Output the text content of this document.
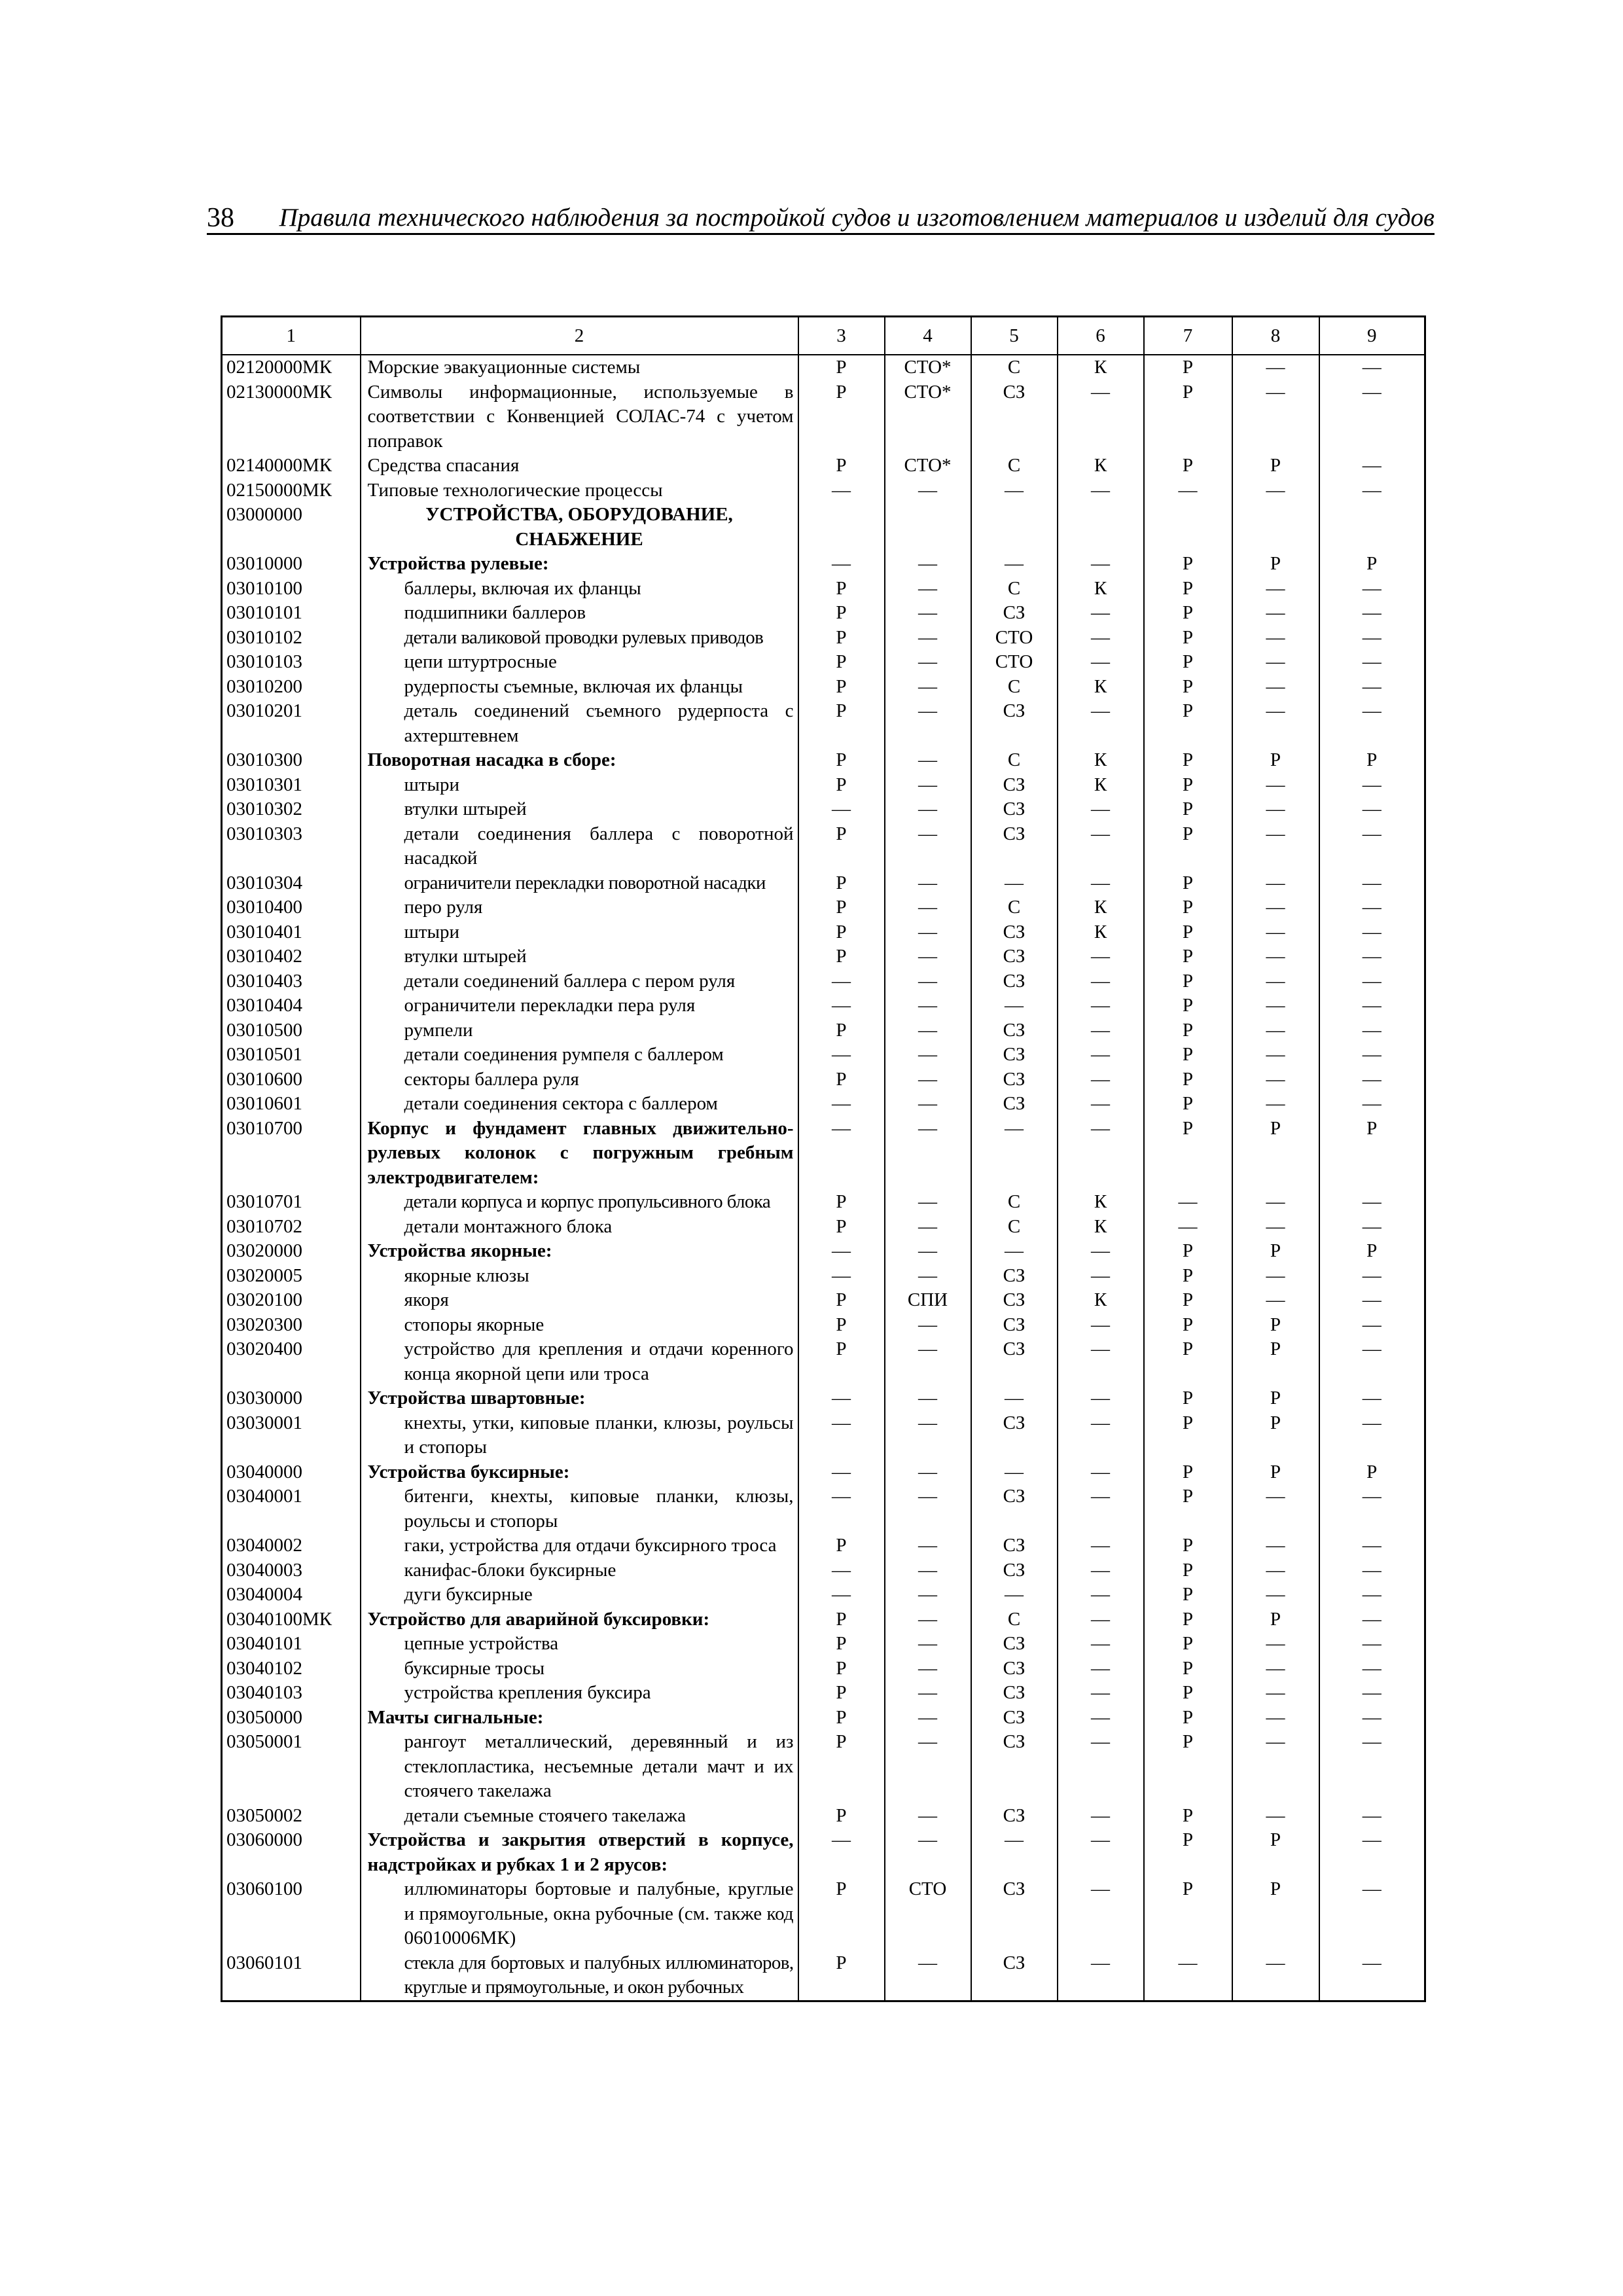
38 Правила технического наблюдения за постройкой судов и изготовлением материалов и изделий для судов
1	2	3	4	5	6	7	8	9
02120000МК	Морские эвакуационные системы	Р	СТО*	С	К	Р	—	—
02130000МК	Символы информационные, используемые в соответствии с Конвенцией СОЛАС-74 с учетом поправок	Р	СТО*	СЗ	—	Р	—	—
02140000МК	Средства спасания	Р	СТО*	С	К	Р	Р	—
02150000МК	Типовые технологические процессы	—	—	—	—	—	—	—
03000000	УСТРОЙСТВА, ОБОРУДОВАНИЕ, СНАБЖЕНИЕ							
03010000	Устройства рулевые:	—	—	—	—	Р	Р	Р
03010100	баллеры, включая их фланцы	Р	—	С	К	Р	—	—
03010101	подшипники баллеров	Р	—	СЗ	—	Р	—	—
03010102	детали валиковой проводки рулевых приводов	Р	—	СТО	—	Р	—	—
03010103	цепи штуртросные	Р	—	СТО	—	Р	—	—
03010200	рудерпосты съемные, включая их фланцы	Р	—	С	К	Р	—	—
03010201	деталь соединений съемного рудерпоста с ахтерштевнем	Р	—	СЗ	—	Р	—	—
03010300	Поворотная насадка в сборе:	Р	—	С	К	Р	Р	Р
03010301	штыри	Р	—	СЗ	К	Р	—	—
03010302	втулки штырей	—	—	СЗ	—	Р	—	—
03010303	детали соединения баллера с поворотной насадкой	Р	—	СЗ	—	Р	—	—
03010304	ограничители перекладки поворотной насадки	Р	—	—	—	Р	—	—
03010400	перо руля	Р	—	С	К	Р	—	—
03010401	штыри	Р	—	СЗ	К	Р	—	—
03010402	втулки штырей	Р	—	СЗ	—	Р	—	—
03010403	детали соединений баллера с пером руля	—	—	СЗ	—	Р	—	—
03010404	ограничители перекладки пера руля	—	—	—	—	Р	—	—
03010500	румпели	Р	—	СЗ	—	Р	—	—
03010501	детали соединения румпеля с баллером	—	—	СЗ	—	Р	—	—
03010600	секторы баллера руля	Р	—	СЗ	—	Р	—	—
03010601	детали соединения сектора с баллером	—	—	СЗ	—	Р	—	—
03010700	Корпус и фундамент главных движительно-рулевых колонок с погружным гребным электродвигателем:	—	—	—	—	Р	Р	Р
03010701	детали корпуса и корпус пропульсивного блока	Р	—	С	К	—	—	—
03010702	детали монтажного блока	Р	—	С	К	—	—	—
03020000	Устройства якорные:	—	—	—	—	Р	Р	Р
03020005	якорные клюзы	—	—	СЗ	—	Р	—	—
03020100	якоря	Р	СПИ	СЗ	К	Р	—	—
03020300	стопоры якорные	Р	—	СЗ	—	Р	Р	—
03020400	устройство для крепления и отдачи коренного конца якорной цепи или троса	Р	—	СЗ	—	Р	Р	—
03030000	Устройства швартовные:	—	—	—	—	Р	Р	—
03030001	кнехты, утки, киповые планки, клюзы, роульсы и стопоры	—	—	СЗ	—	Р	Р	—
03040000	Устройства буксирные:	—	—	—	—	Р	Р	Р
03040001	битенги, кнехты, киповые планки, клюзы, роульсы и стопоры	—	—	СЗ	—	Р	—	—
03040002	гаки, устройства для отдачи буксирного троса	Р	—	СЗ	—	Р	—	—
03040003	канифас-блоки буксирные	—	—	СЗ	—	Р	—	—
03040004	дуги буксирные	—	—	—	—	Р	—	—
03040100МК	Устройство для аварийной буксировки:	Р	—	С	—	Р	Р	—
03040101	цепные устройства	Р	—	СЗ	—	Р	—	—
03040102	буксирные тросы	Р	—	СЗ	—	Р	—	—
03040103	устройства крепления буксира	Р	—	СЗ	—	Р	—	—
03050000	Мачты сигнальные:	Р	—	СЗ	—	Р	—	—
03050001	рангоут металлический, деревянный и из стеклопластика, несъемные детали мачт и их стоячего такелажа	Р	—	СЗ	—	Р	—	—
03050002	детали съемные стоячего такелажа	Р	—	СЗ	—	Р	—	—
03060000	Устройства и закрытия отверстий в корпусе, надстройках и рубках 1 и 2 ярусов:	—	—	—	—	Р	Р	—
03060100	иллюминаторы бортовые и палубные, круглые и прямоугольные, окна рубочные (см. также код 06010006МК)	Р	СТО	СЗ	—	Р	Р	—
03060101	стекла для бортовых и палубных иллюминаторов, круглые и прямоугольные, и окон рубочных	Р	—	СЗ	—	—	—	—
